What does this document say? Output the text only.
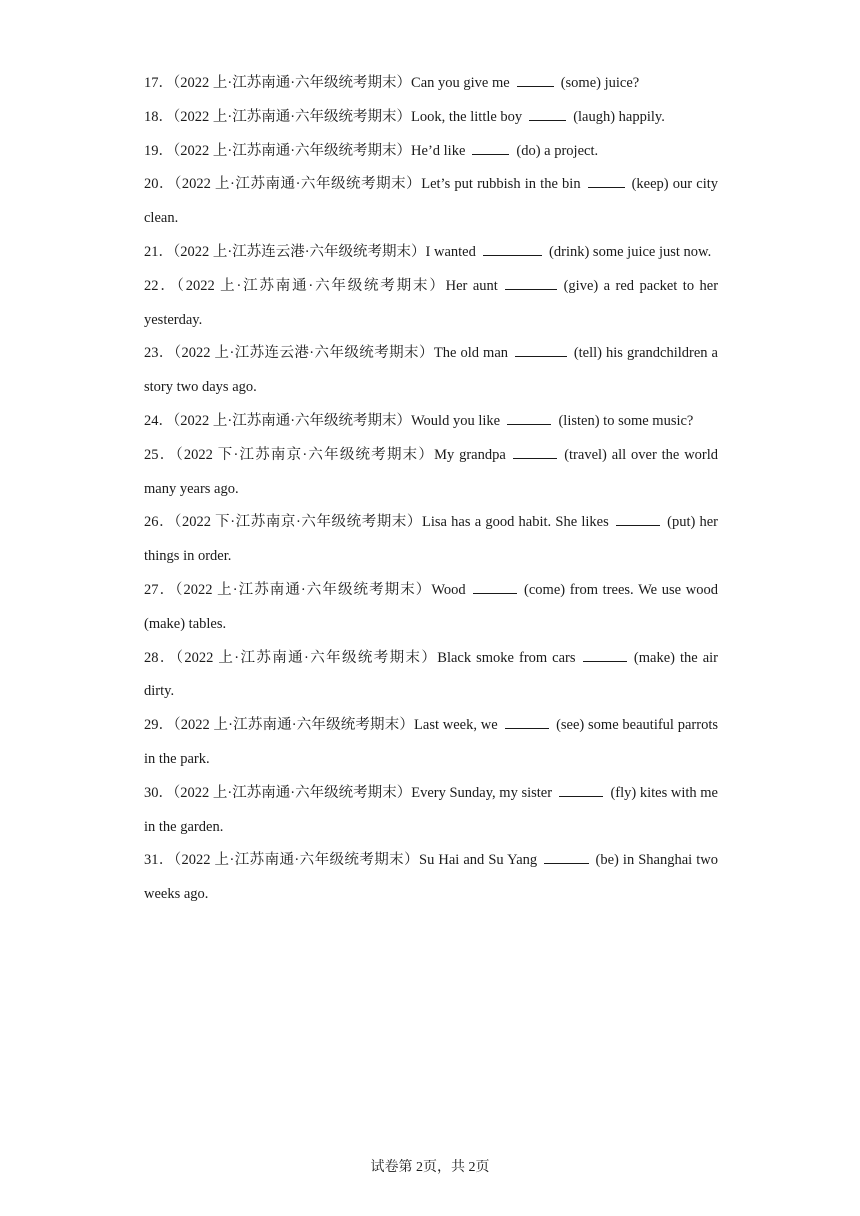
17．（2022 上·江苏南通·六年级统考期末）Can you give me	(some) juice?
18．（2022 上·江苏南通·六年级统考期末）Look, the little boy	(laugh) happily.
19．（2022 上·江苏南通·六年级统考期末）He’d like	(do) a project.
20．（2022 上·江苏南通·六年级统考期末）Let’s put rubbish in the bin	(keep) our city clean.
21．（2022 上·江苏连云港·六年级统考期末）I wanted	(drink) some juice just now.
22．（2022 上·江苏南通·六年级统考期末）Her aunt	(give) a red packet to her yesterday.
23．（2022 上·江苏连云港·六年级统考期末）The old man	(tell) his grandchildren a story two days ago.
24．（2022 上·江苏南通·六年级统考期末）Would you like	(listen) to some music?
25．（2022 下·江苏南京·六年级统考期末）My grandpa	(travel) all over the world many years ago.
26．（2022 下·江苏南京·六年级统考期末）Lisa has a good habit. She likes	(put) her things in order.
27．（2022 上·江苏南通·六年级统考期末）Wood	(come) from trees. We use wood (make) tables.
28．（2022 上·江苏南通·六年级统考期末）Black smoke from cars	(make) the air dirty.
29．（2022 上·江苏南通·六年级统考期末）Last week, we	(see) some beautiful parrots in the park.
30．（2022 上·江苏南通·六年级统考期末）Every Sunday, my sister	(fly) kites with me in the garden.
31．（2022 上·江苏南通·六年级统考期末）Su Hai and Su Yang	(be) in Shanghai two weeks ago.
试卷第 2页，共 2页
